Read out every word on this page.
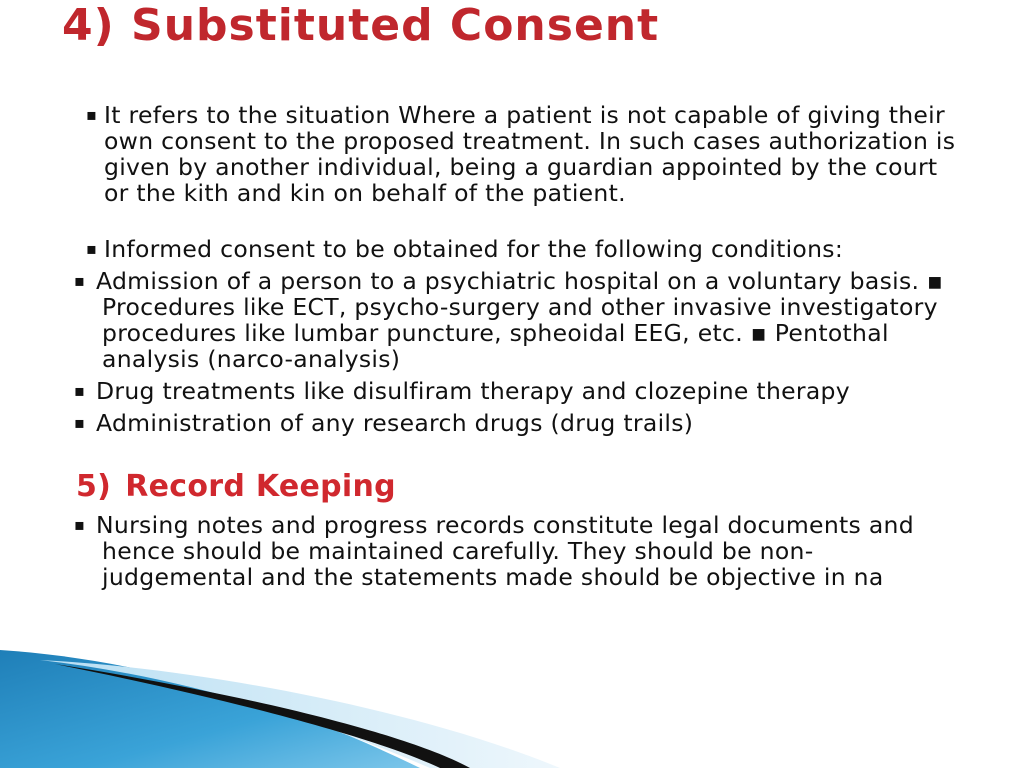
4) Substituted Consent
▪ It refers to the situation Where a patient is not capable of giving their own consent to the proposed treatment. In such cases authorization is given by another individual, being a guardian appointed by the court or the kith and kin on behalf of the patient.
▪ Informed consent to be obtained for the following conditions:
▪ Admission of a person to a psychiatric hospital on a voluntary basis. ▪ Procedures like ECT, psycho-surgery and other invasive investigatory procedures like lumbar puncture, spheoidal EEG, etc. ▪ Pentothal analysis (narco-analysis)
▪ Drug treatments like disulfiram therapy and clozepine therapy
▪ Administration of any research drugs (drug trails)
5) Record Keeping
▪ Nursing notes and progress records constitute legal documents and hence should be maintained carefully. They should be non-judgemental and the statements made should be objective in na
